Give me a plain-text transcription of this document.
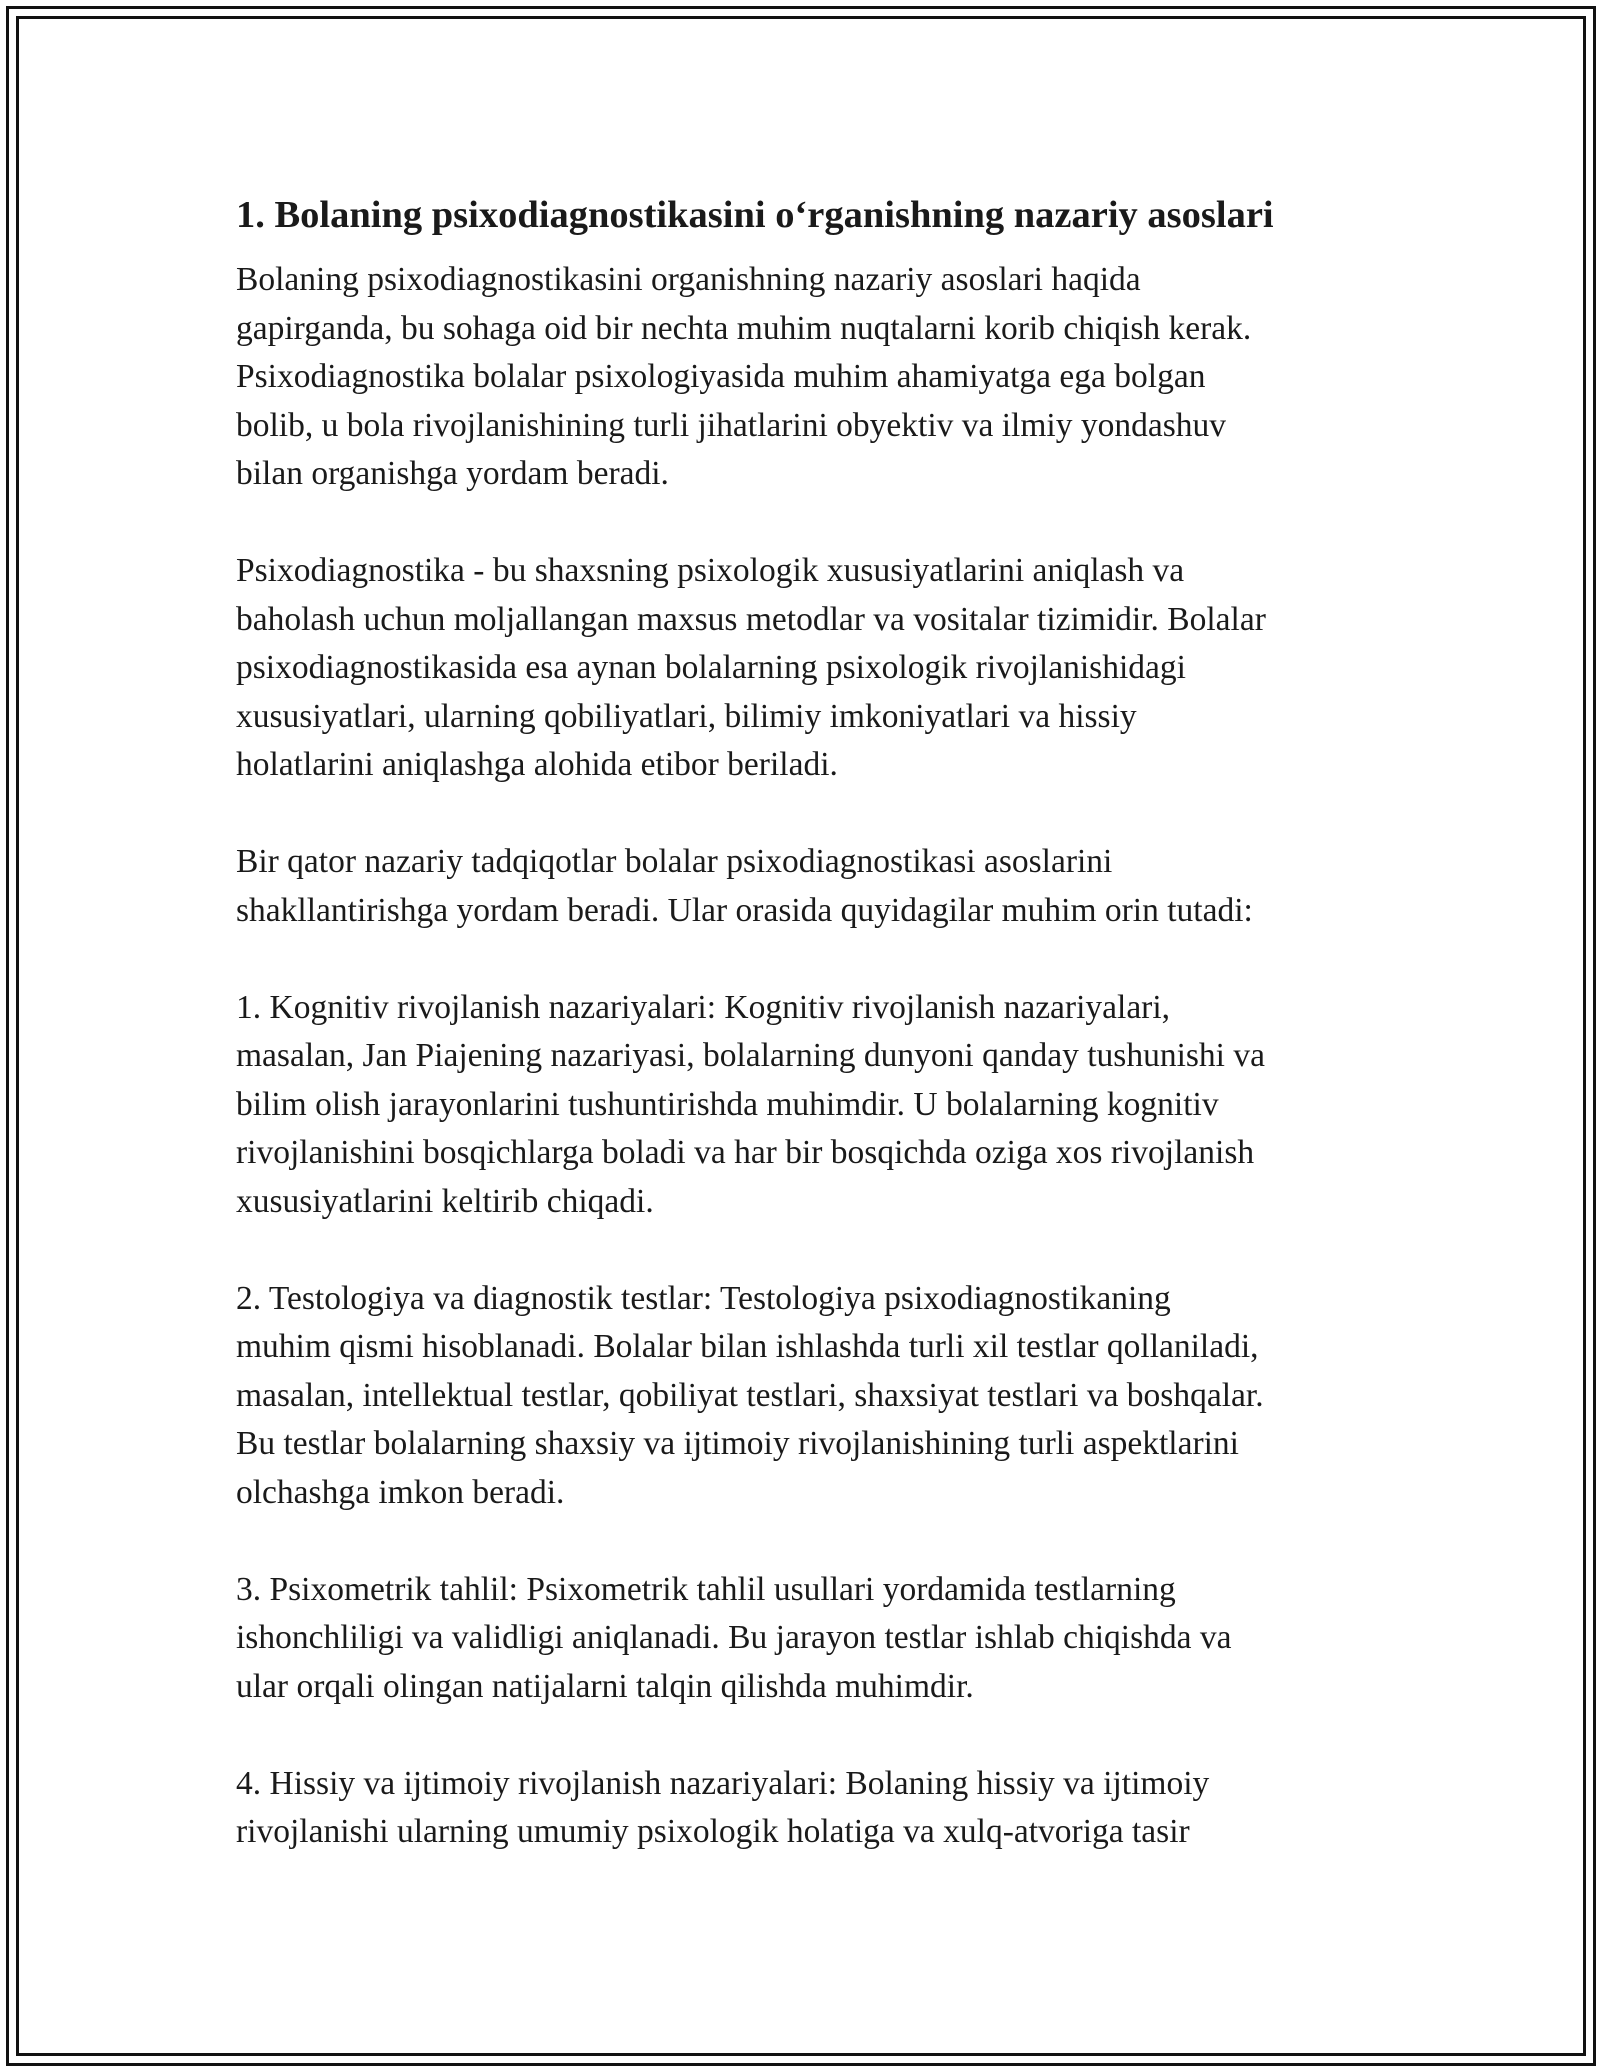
1. Bolaning psixodiagnostikasini o‘rganishning nazariy asoslari

Bolaning psixodiagnostikasini organishning nazariy asoslari haqida
gapirganda, bu sohaga oid bir nechta muhim nuqtalarni korib chiqish kerak.
Psixodiagnostika bolalar psixologiyasida muhim ahamiyatga ega bolgan
bolib, u bola rivojlanishining turli jihatlarini obyektiv va ilmiy yondashuv
bilan organishga yordam beradi.

Psixodiagnostika - bu shaxsning psixologik xususiyatlarini aniqlash va
baholash uchun moljallangan maxsus metodlar va vositalar tizimidir. Bolalar
psixodiagnostikasida esa aynan bolalarning psixologik rivojlanishidagi
xususiyatlari, ularning qobiliyatlari, bilimiy imkoniyatlari va hissiy
holatlarini aniqlashga alohida etibor beriladi.

Bir qator nazariy tadqiqotlar bolalar psixodiagnostikasi asoslarini
shakllantirishga yordam beradi. Ular orasida quyidagilar muhim orin tutadi:

1. Kognitiv rivojlanish nazariyalari: Kognitiv rivojlanish nazariyalari,
masalan, Jan Piajening nazariyasi, bolalarning dunyoni qanday tushunishi va
bilim olish jarayonlarini tushuntirishda muhimdir. U bolalarning kognitiv
rivojlanishini bosqichlarga boladi va har bir bosqichda oziga xos rivojlanish
xususiyatlarini keltirib chiqadi.

2. Testologiya va diagnostik testlar: Testologiya psixodiagnostikaning
muhim qismi hisoblanadi. Bolalar bilan ishlashda turli xil testlar qollaniladi,
masalan, intellektual testlar, qobiliyat testlari, shaxsiyat testlari va boshqalar.
Bu testlar bolalarning shaxsiy va ijtimoiy rivojlanishining turli aspektlarini
olchashga imkon beradi.

3. Psixometrik tahlil: Psixometrik tahlil usullari yordamida testlarning
ishonchliligi va validligi aniqlanadi. Bu jarayon testlar ishlab chiqishda va
ular orqali olingan natijalarni talqin qilishda muhimdir.

4. Hissiy va ijtimoiy rivojlanish nazariyalari: Bolaning hissiy va ijtimoiy
rivojlanishi ularning umumiy psixologik holatiga va xulq-atvoriga tasir
